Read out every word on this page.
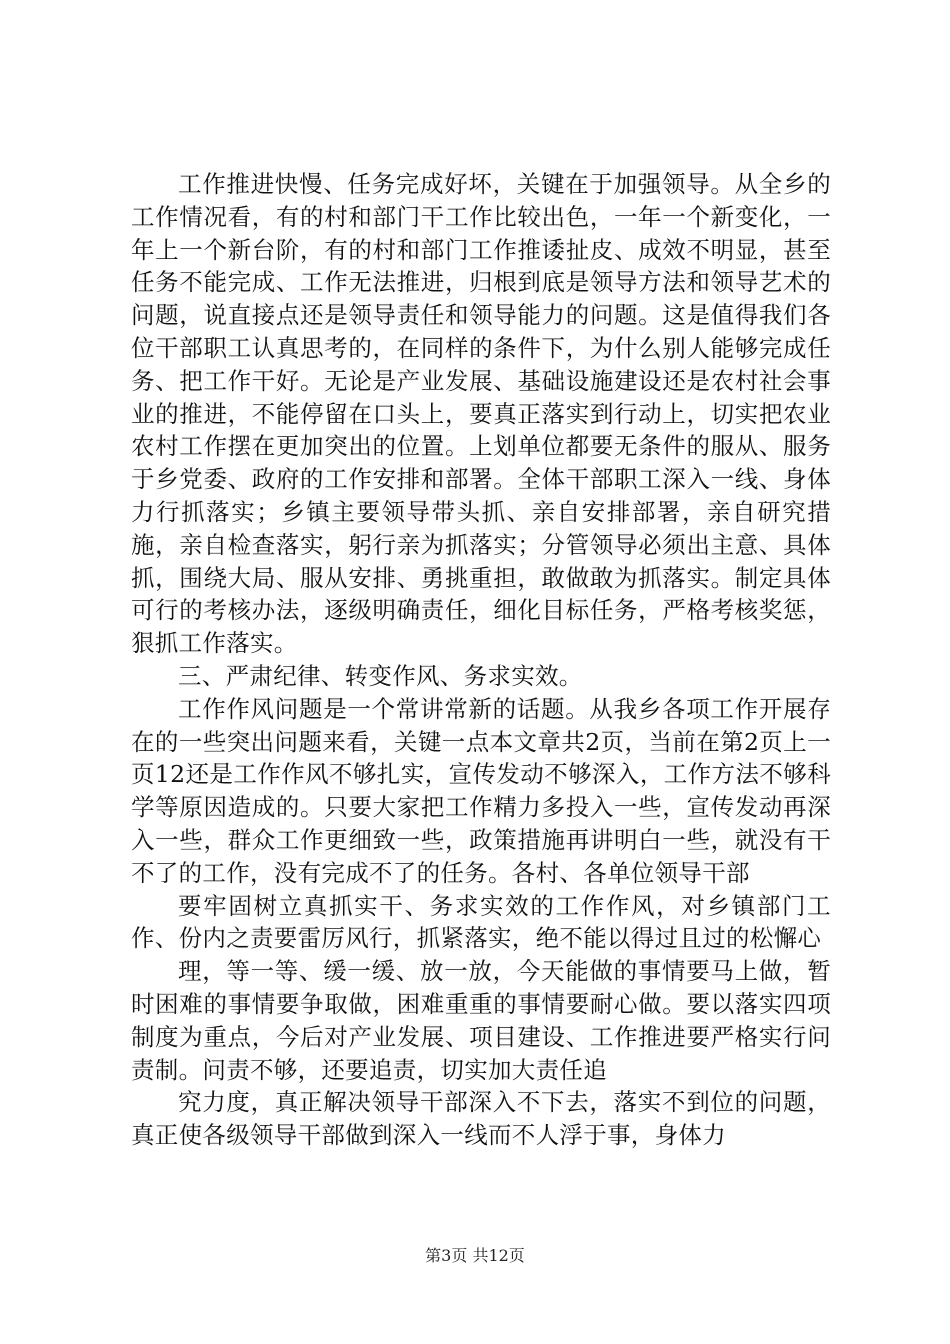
工作推进快慢、任务完成好坏，关键在于加强领导。从全乡的工作情况看，有的村和部门干工作比较出色，一年一个新变化，一年上一个新台阶，有的村和部门工作推诿扯皮、成效不明显，甚至任务不能完成、工作无法推进，归根到底是领导方法和领导艺术的问题，说直接点还是领导责任和领导能力的问题。这是值得我们各位干部职工认真思考的，在同样的条件下，为什么别人能够完成任务、把工作干好。无论是产业发展、基础设施建设还是农村社会事业的推进，不能停留在口头上，要真正落实到行动上，切实把农业农村工作摆在更加突出的位置。上划单位都要无条件的服从、服务于乡党委、政府的工作安排和部署。全体干部职工深入一线、身体力行抓落实；乡镇主要领导带头抓、亲自安排部署，亲自研究措施，亲自检查落实，躬行亲为抓落实；分管领导必须出主意、具体抓，围绕大局、服从安排、勇挑重担，敢做敢为抓落实。制定具体可行的考核办法，逐级明确责任，细化目标任务，严格考核奖惩，狠抓工作落实。

三、严肃纪律、转变作风、务求实效。

工作作风问题是一个常讲常新的话题。从我乡各项工作开展存在的一些突出问题来看，关键一点本文章共2页，当前在第2页上一页12还是工作作风不够扎实，宣传发动不够深入，工作方法不够科学等原因造成的。只要大家把工作精力多投入一些，宣传发动再深入一些，群众工作更细致一些，政策措施再讲明白一些，就没有干不了的工作，没有完成不了的任务。各村、各单位领导干部

要牢固树立真抓实干、务求实效的工作作风，对乡镇部门工作、份内之责要雷厉风行，抓紧落实，绝不能以得过且过的松懈心

理，等一等、缓一缓、放一放，今天能做的事情要马上做，暂时困难的事情要争取做，困难重重的事情要耐心做。要以落实四项制度为重点，今后对产业发展、项目建设、工作推进要严格实行问责制。问责不够，还要追责，切实加大责任追

究力度，真正解决领导干部深入不下去，落实不到位的问题，真正使各级领导干部做到深入一线而不人浮于事，身体力

第3页 共12页
